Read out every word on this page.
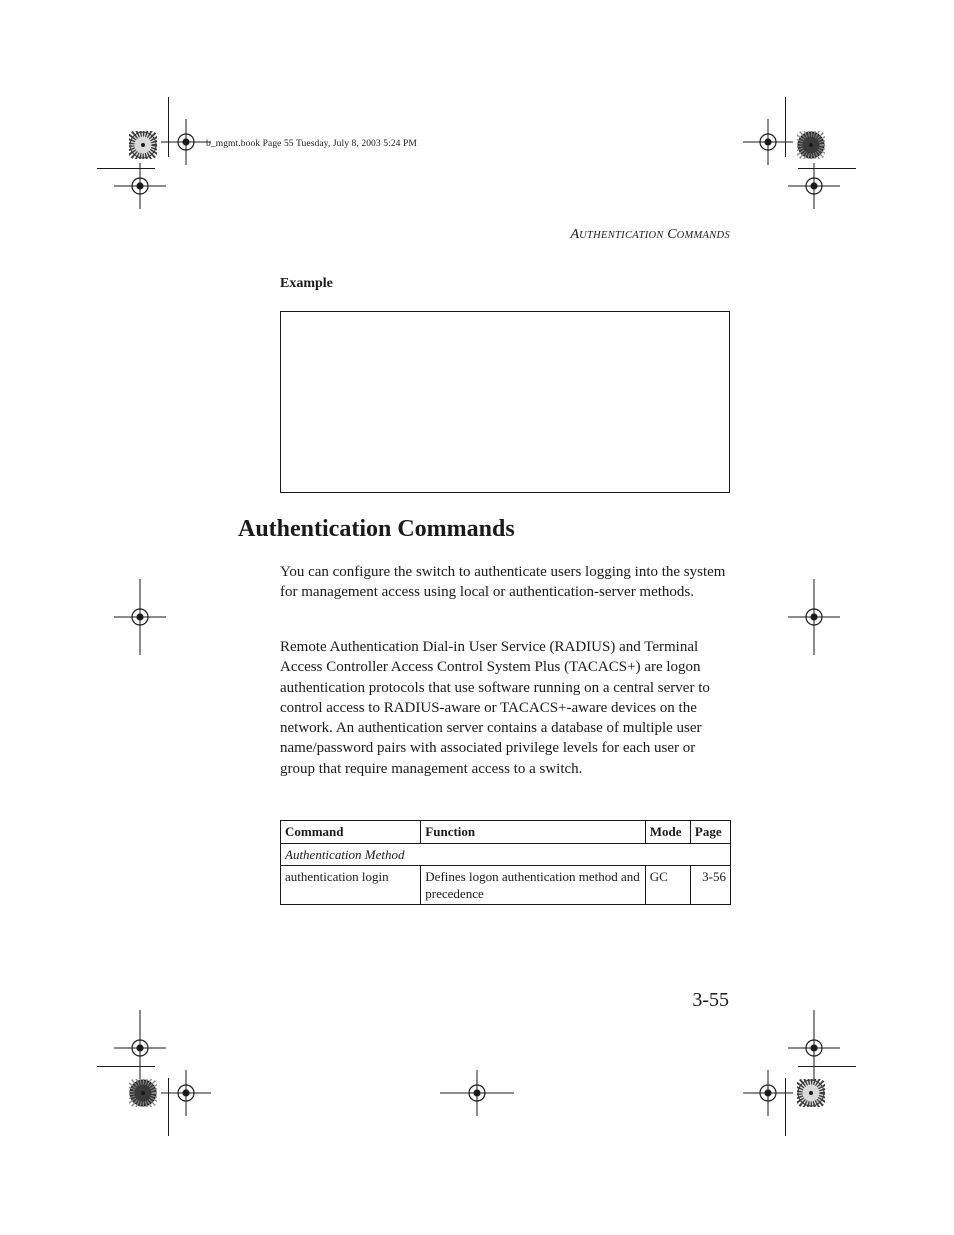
b_mgmt.book Page 55 Tuesday, July 8, 2003 5:24 PM
AUTHENTICATION COMMANDS
Example
Authentication Commands

You can configure the switch to authenticate users logging into the system for management access using local or authentication-server methods.

Remote Authentication Dial-in User Service (RADIUS) and Terminal Access Controller Access Control System Plus (TACACS+) are logon authentication protocols that use software running on a central server to control access to RADIUS-aware or TACACS+-aware devices on the network. An authentication server contains a database of multiple user name/password pairs with associated privilege levels for each user or group that require management access to a switch.

Command	Function	Mode	Page
Authentication Method			
authentication login	Defines logon authentication method and precedence	GC	3-56
3-55
